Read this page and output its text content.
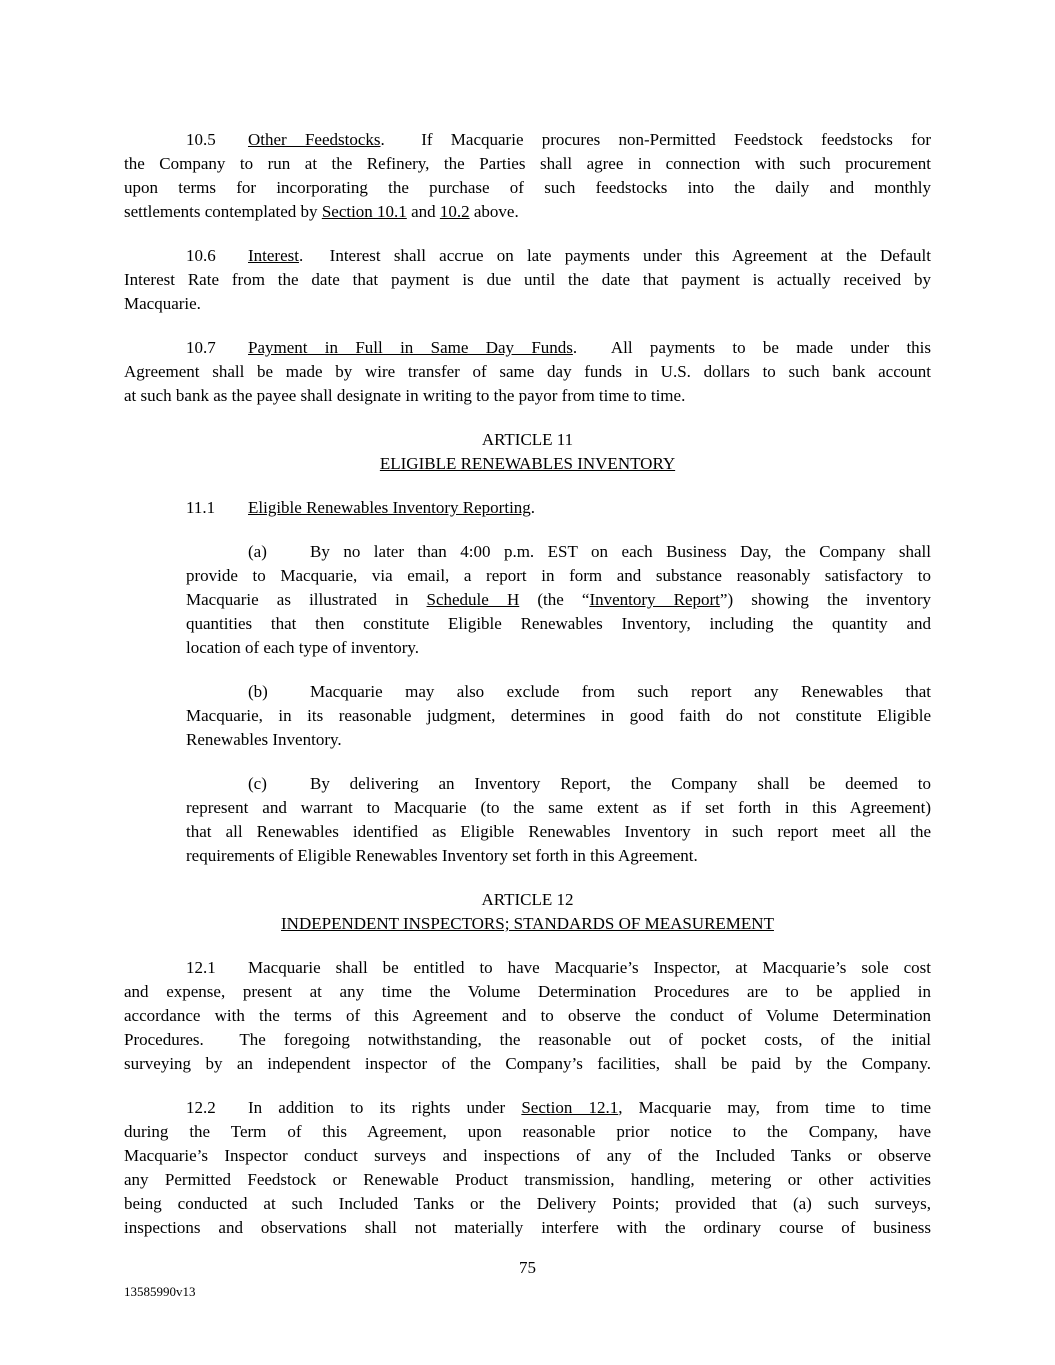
10.5 Other Feedstocks.  If Macquarie procures non-Permitted Feedstock feedstocks for
the Company to run at the Refinery, the Parties shall agree in connection with such procurement
upon terms for incorporating the purchase of such feedstocks into the daily and monthly
settlements contemplated by Section 10.1 and 10.2 above.
10.6 Interest.  Interest shall accrue on late payments under this Agreement at the Default
Interest Rate from the date that payment is due until the date that payment is actually received by
Macquarie.
10.7 Payment in Full in Same Day Funds.  All payments to be made under this
Agreement shall be made by wire transfer of same day funds in U.S. dollars to such bank account
at such bank as the payee shall designate in writing to the payor from time to time.
ARTICLE 11
ELIGIBLE RENEWABLES INVENTORY
11.1 Eligible Renewables Inventory Reporting.
(a)	By no later than 4:00 p.m. EST on each Business Day, the Company shall
provide to Macquarie, via email, a report in form and substance reasonably satisfactory to
Macquarie as illustrated in Schedule H (the “Inventory Report”) showing the inventory
quantities that then constitute Eligible Renewables Inventory, including the quantity and
location of each type of inventory.
(b) Macquarie may also exclude from such report any Renewables that
Macquarie, in its reasonable judgment, determines in good faith do not constitute Eligible
Renewables Inventory.
(c)	By delivering an Inventory Report, the Company shall be deemed to
represent and warrant to Macquarie (to the same extent as if set forth in this Agreement)
that all Renewables identified as Eligible Renewables Inventory in such report meet all the
requirements of Eligible Renewables Inventory set forth in this Agreement.
ARTICLE 12
INDEPENDENT INSPECTORS; STANDARDS OF MEASUREMENT
12.1 Macquarie shall be entitled to have Macquarie’s Inspector, at Macquarie’s sole cost
and expense, present at any time the Volume Determination Procedures are to be applied in
accordance with the terms of this Agreement and to observe the conduct of Volume Determination
Procedures.  The foregoing notwithstanding, the reasonable out of pocket costs, of the initial
surveying by an independent inspector of the Company’s facilities, shall be paid by the Company.
12.2 In addition to its rights under Section 12.1, Macquarie may, from time to time
during the Term of this Agreement, upon reasonable prior notice to the Company, have
Macquarie’s Inspector conduct surveys and inspections of any of the Included Tanks or observe
any Permitted Feedstock or Renewable Product transmission, handling, metering or other activities
being conducted at such Included Tanks or the Delivery Points; provided that (a) such surveys,
inspections and observations shall not materially interfere with the ordinary course of business
75
13585990v13
